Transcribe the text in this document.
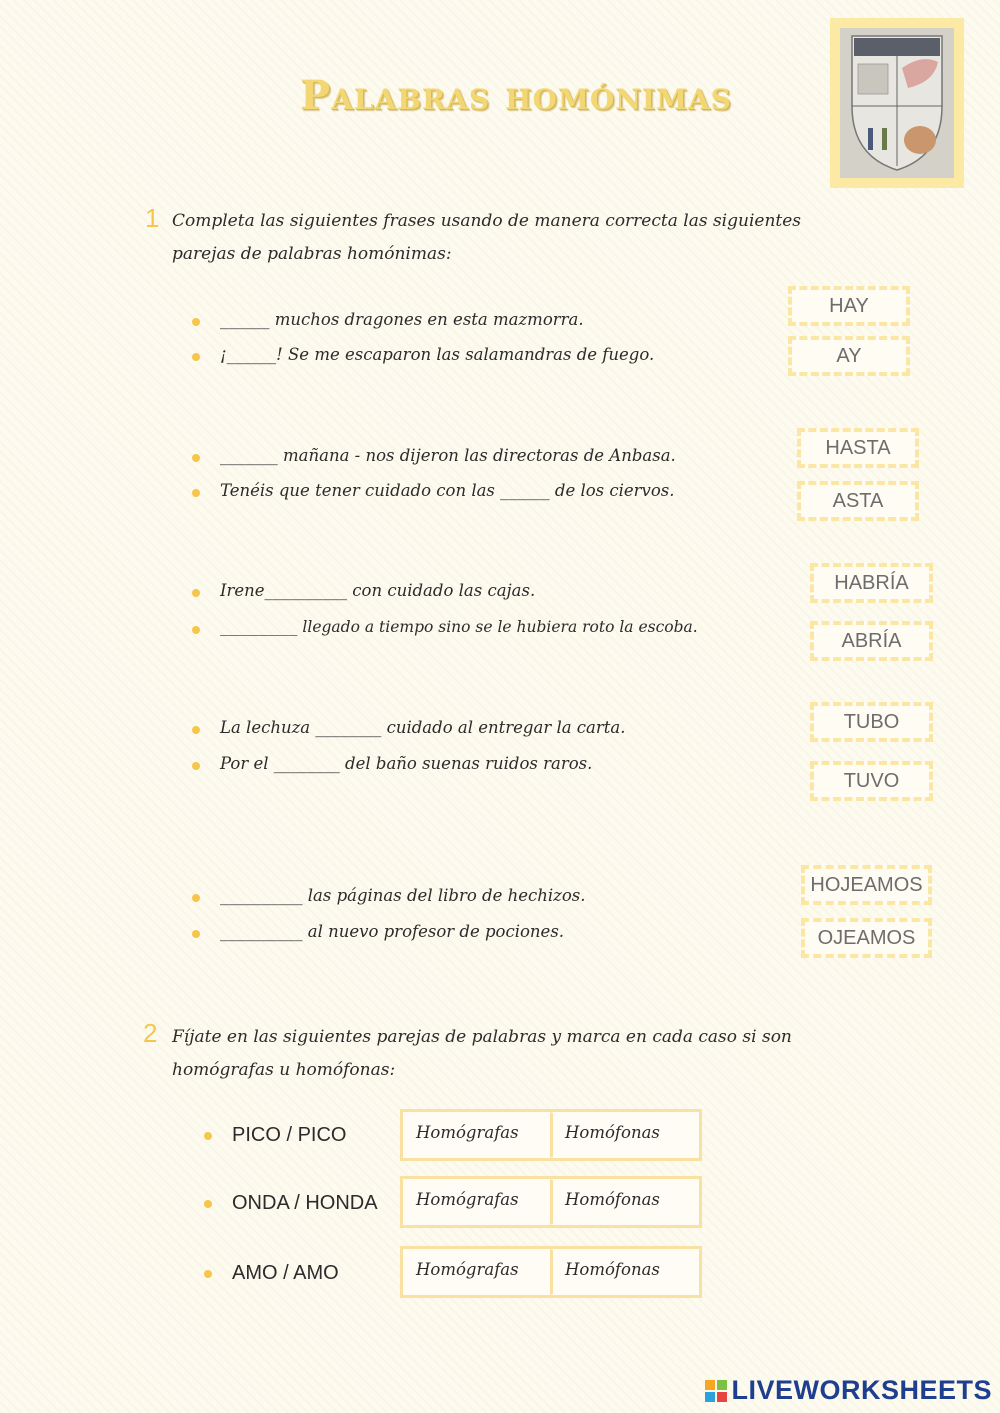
Palabras homónimas
1 Completa las siguientes frases usando de manera correcta las siguientes parejas de palabras homónimas:
______ muchos dragones en esta mazmorra.
¡______! Se me escaparon las salamandras de fuego.
_______ mañana - nos dijeron las directoras de Anbasa.
Tenéis que tener cuidado con las ______ de los ciervos.
Irene__________ con cuidado las cajas.
__________ llegado a tiempo sino se le hubiera roto la escoba.
La lechuza ________ cuidado al entregar la carta.
Por el ________ del baño suenas ruidos raros.
__________ las páginas del libro de hechizos.
__________ al nuevo profesor de pociones.
HAY
AY
HASTA
ASTA
HABRÍA
ABRÍA
TUBO
TUVO
HOJEAMOS
OJEAMOS
2 Fíjate en las siguientes parejas de palabras y marca en cada caso si son homógrafas u homófonas:
PICO / PICO	Homógrafas	Homófonas
ONDA / HONDA	Homógrafas	Homófonas
AMO / AMO	Homógrafas	Homófonas
LIVEWORKSHEETS
